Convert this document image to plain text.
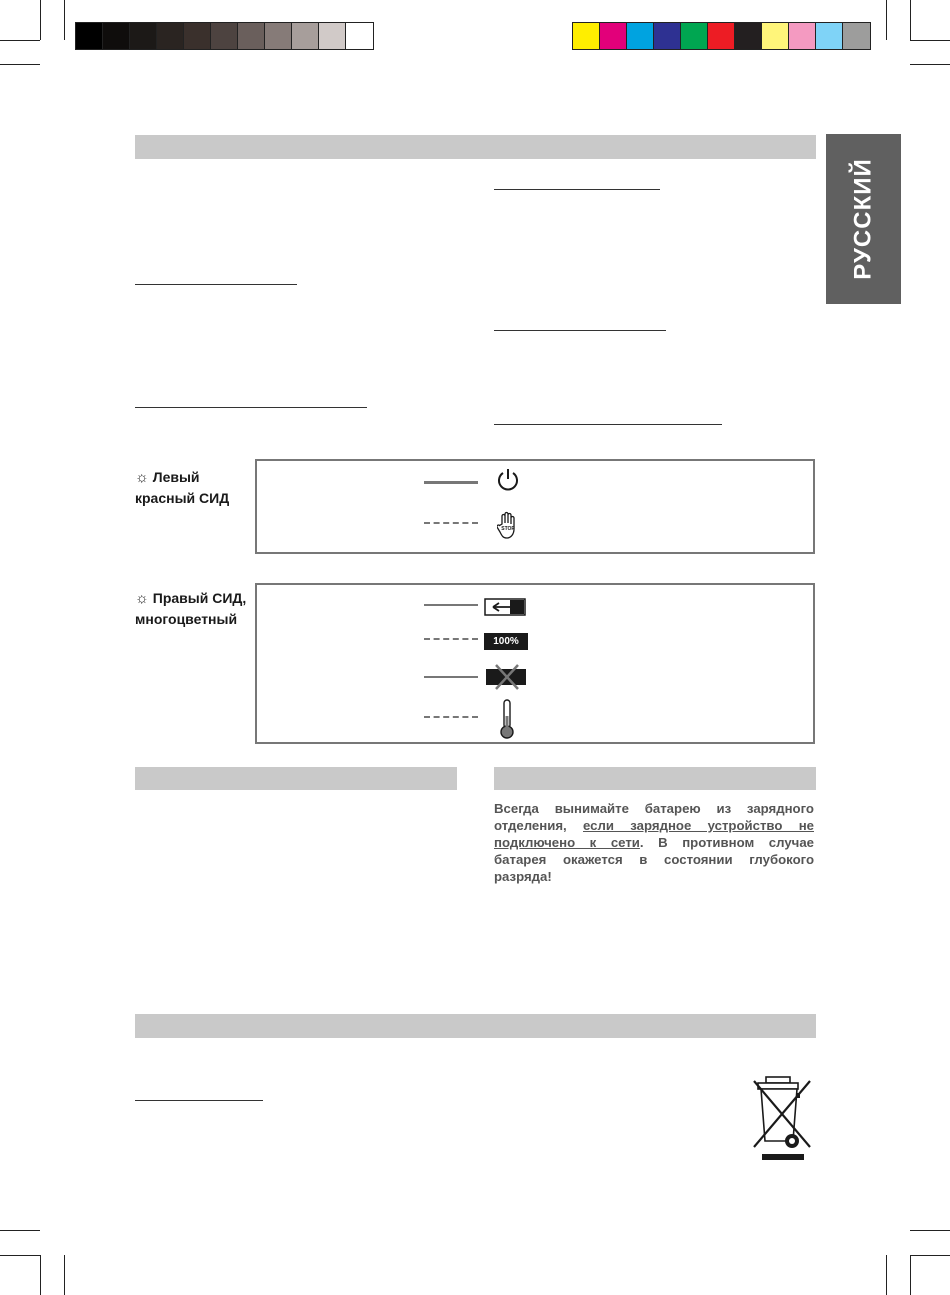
РУССКИЙ
☼ Левый
красный СИД
STOP
☼ Правый СИД,
многоцветный
100%
Всегда вынимайте батарею из зарядного отделения, если зарядное устройство не подключено к сети. В противном случае батарея окажется в состоянии глубокого разряда!
